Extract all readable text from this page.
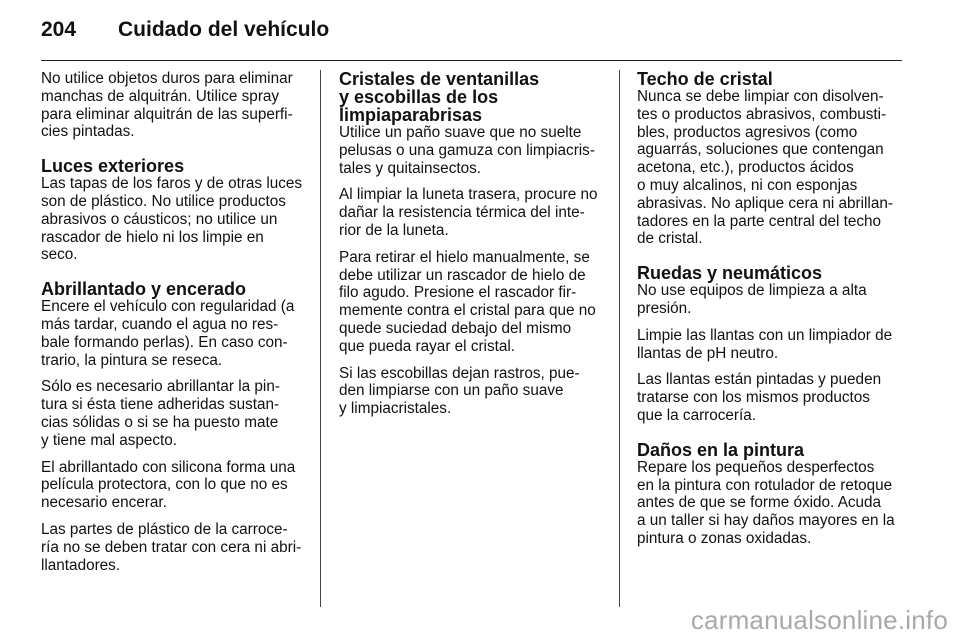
204	Cuidado del vehículo

No utilice objetos duros para eliminar
manchas de alquitrán. Utilice spray
para eliminar alquitrán de las superfi-
cies pintadas.

Luces exteriores

Las tapas de los faros y de otras luces
son de plástico. No utilice productos
abrasivos o cáusticos; no utilice un
rascador de hielo ni los limpie en
seco.

Abrillantado y encerado

Encere el vehículo con regularidad (a
más tardar, cuando el agua no res-
bale formando perlas). En caso con-
trario, la pintura se reseca.

Sólo es necesario abrillantar la pin-
tura si ésta tiene adheridas sustan-
cias sólidas o si se ha puesto mate
y tiene mal aspecto.

El abrillantado con silicona forma una
película protectora, con lo que no es
necesario encerar.

Las partes de plástico de la carroce-
ría no se deben tratar con cera ni abri-
llantadores.

Cristales de ventanillas
y escobillas de los
limpiaparabrisas

Utilice un paño suave que no suelte
pelusas o una gamuza con limpiacris-
tales y quitainsectos.

Al limpiar la luneta trasera, procure no
dañar la resistencia térmica del inte-
rior de la luneta.

Para retirar el hielo manualmente, se
debe utilizar un rascador de hielo de
filo agudo. Presione el rascador fir-
memente contra el cristal para que no
quede suciedad debajo del mismo
que pueda rayar el cristal.

Si las escobillas dejan rastros, pue-
den limpiarse con un paño suave
y limpiacristales.

Techo de cristal

Nunca se debe limpiar con disolven-
tes o productos abrasivos, combusti-
bles, productos agresivos (como
aguarrás, soluciones que contengan
acetona, etc.), productos ácidos
o muy alcalinos, ni con esponjas
abrasivas. No aplique cera ni abrillan-
tadores en la parte central del techo
de cristal.

Ruedas y neumáticos

No use equipos de limpieza a alta
presión.

Limpie las llantas con un limpiador de
llantas de pH neutro.

Las llantas están pintadas y pueden
tratarse con los mismos productos
que la carrocería.

Daños en la pintura

Repare los pequeños desperfectos
en la pintura con rotulador de retoque
antes de que se forme óxido. Acuda
a un taller si hay daños mayores en la
pintura o zonas oxidadas.

carmanualsonline.info
